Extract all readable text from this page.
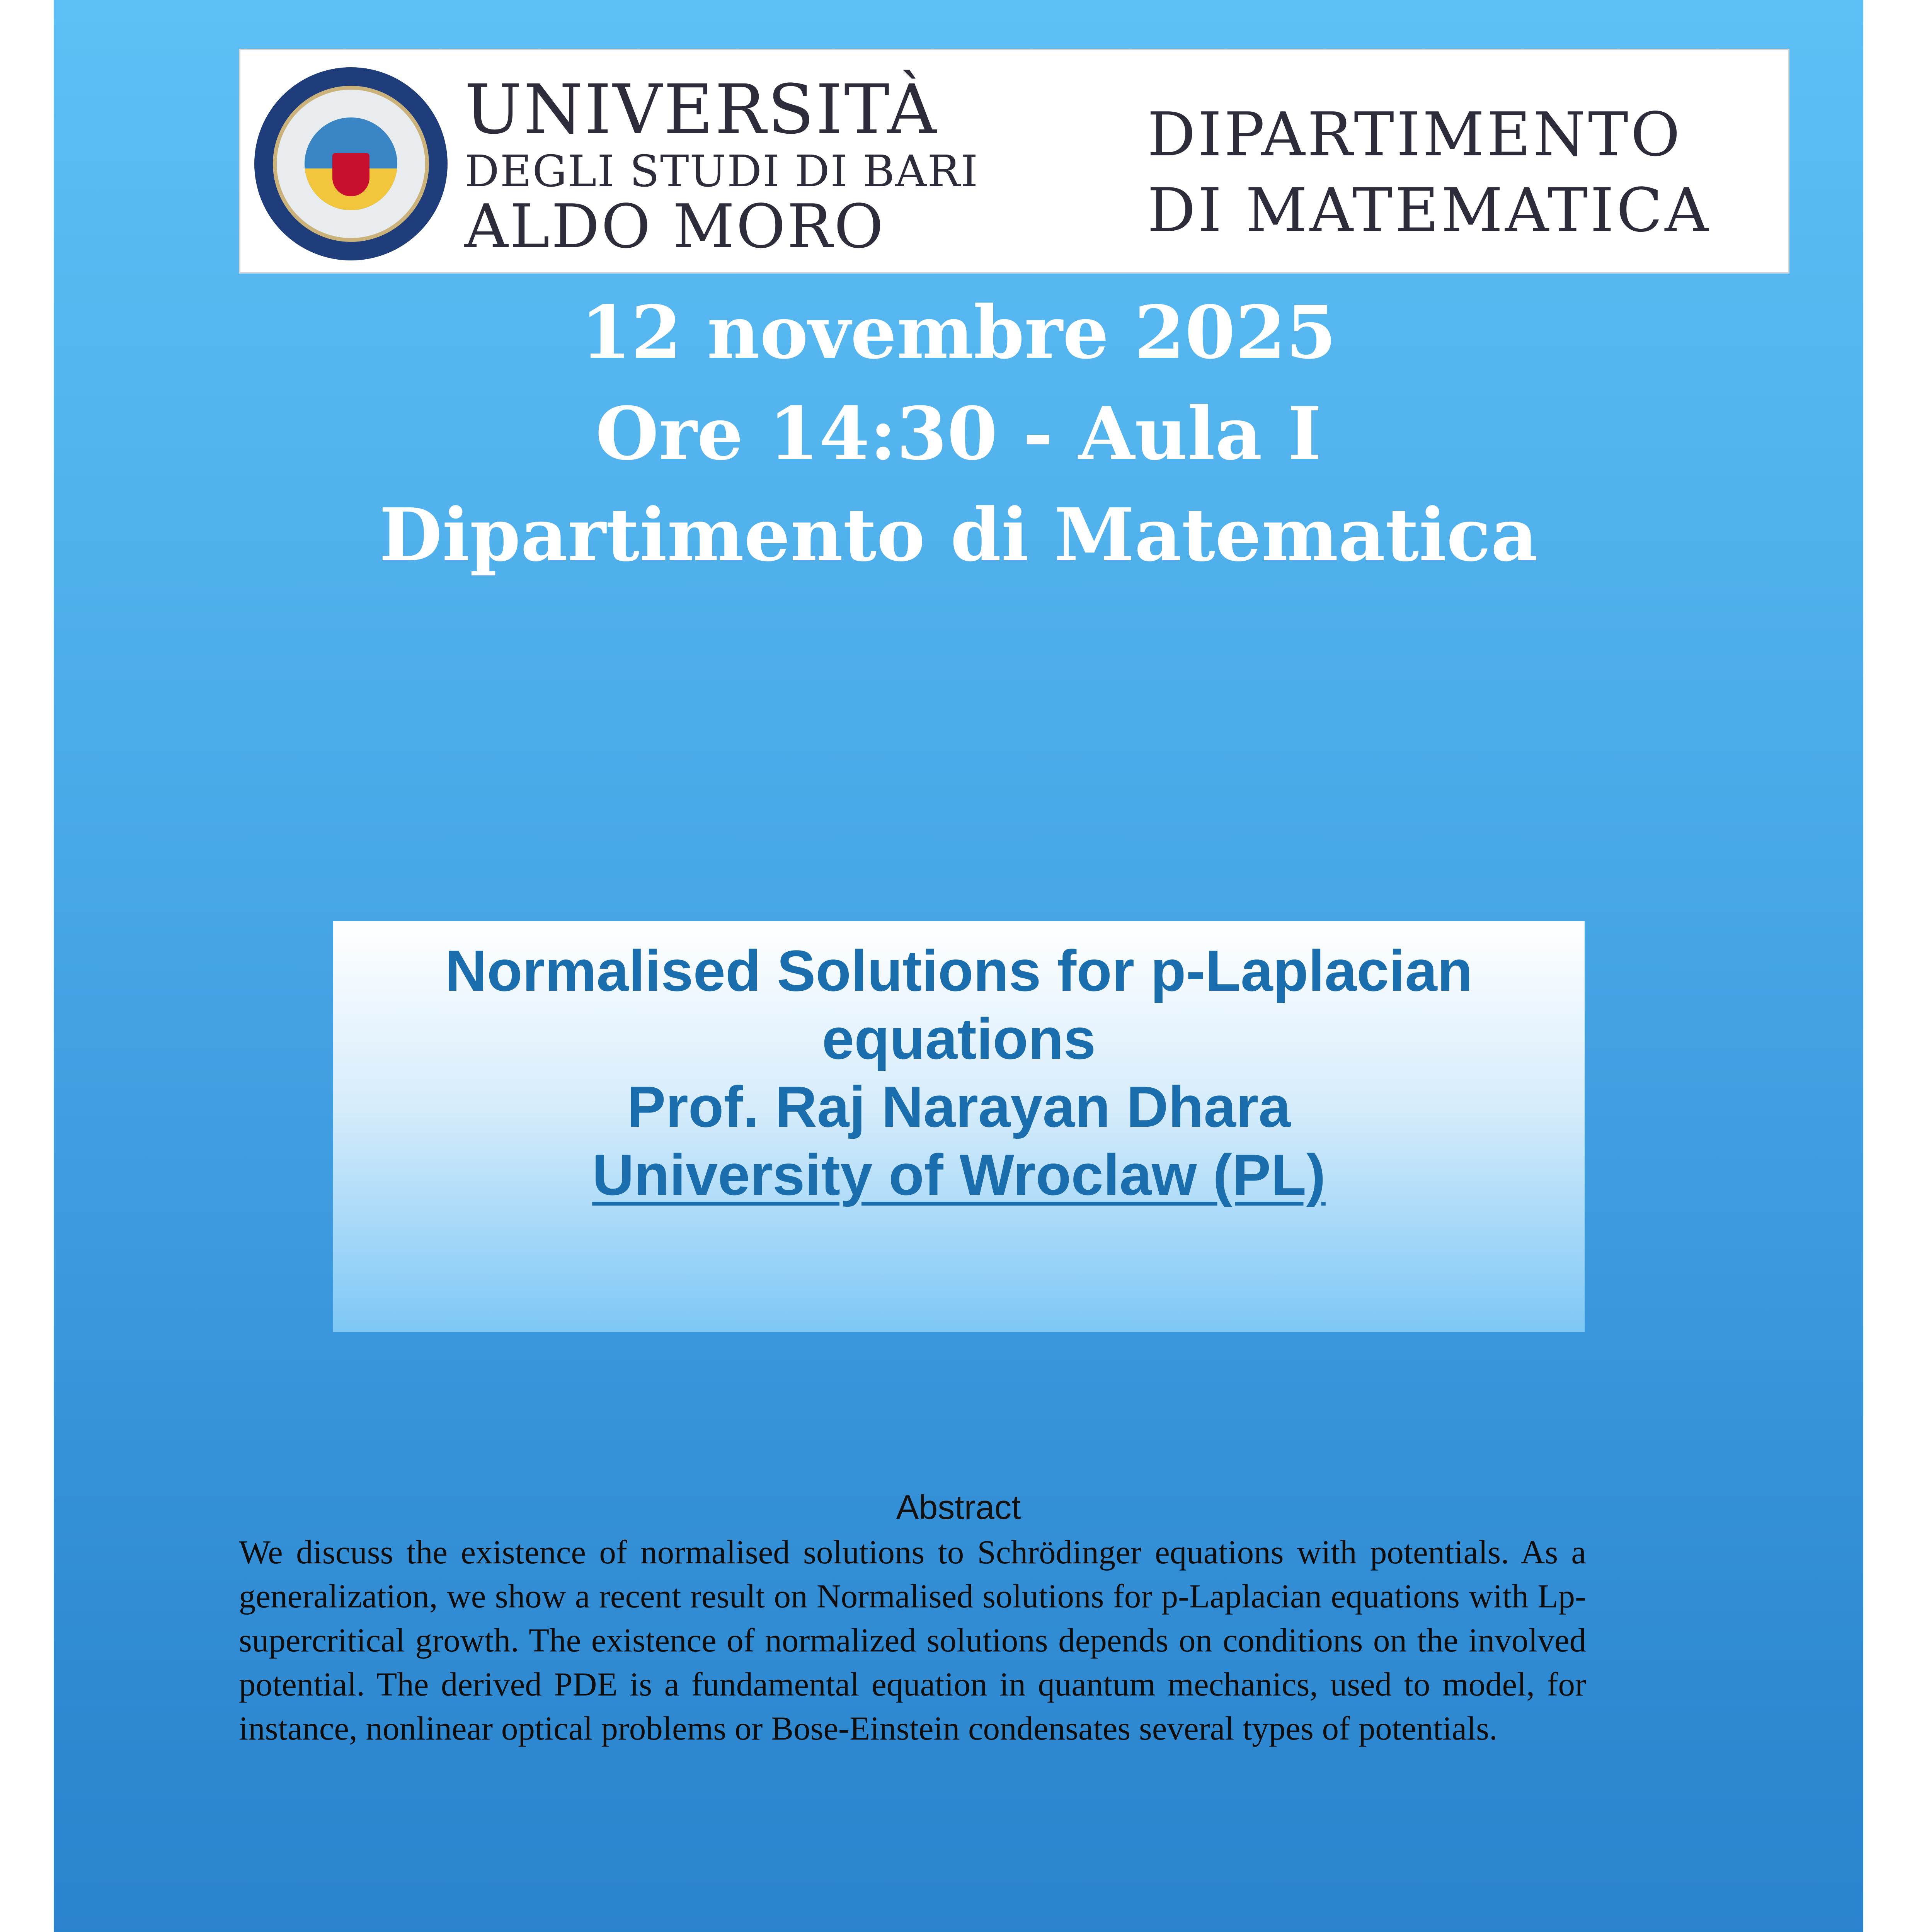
UNIVERSITÀ
DEGLI STUDI DI BARI
ALDO MORO
DIPARTIMENTO
DI MATEMATICA
12 novembre 2025
Ore 14:30 - Aula I
Dipartimento di Matematica
Normalised Solutions for p-Laplacian
equations
Prof. Raj Narayan Dhara
University of Wroclaw (PL)
Abstract

We discuss the existence of normalised solutions to Schrödinger equations with potentials. As a generalization, we show a recent result on Normalised solutions for p-Laplacian equations with Lp-supercritical growth. The existence of normalized solutions depends on conditions on the involved potential. The derived PDE is a fundamental equation in quantum mechanics, used to model, for instance, nonlinear optical problems or Bose-Einstein condensates several types of potentials.
